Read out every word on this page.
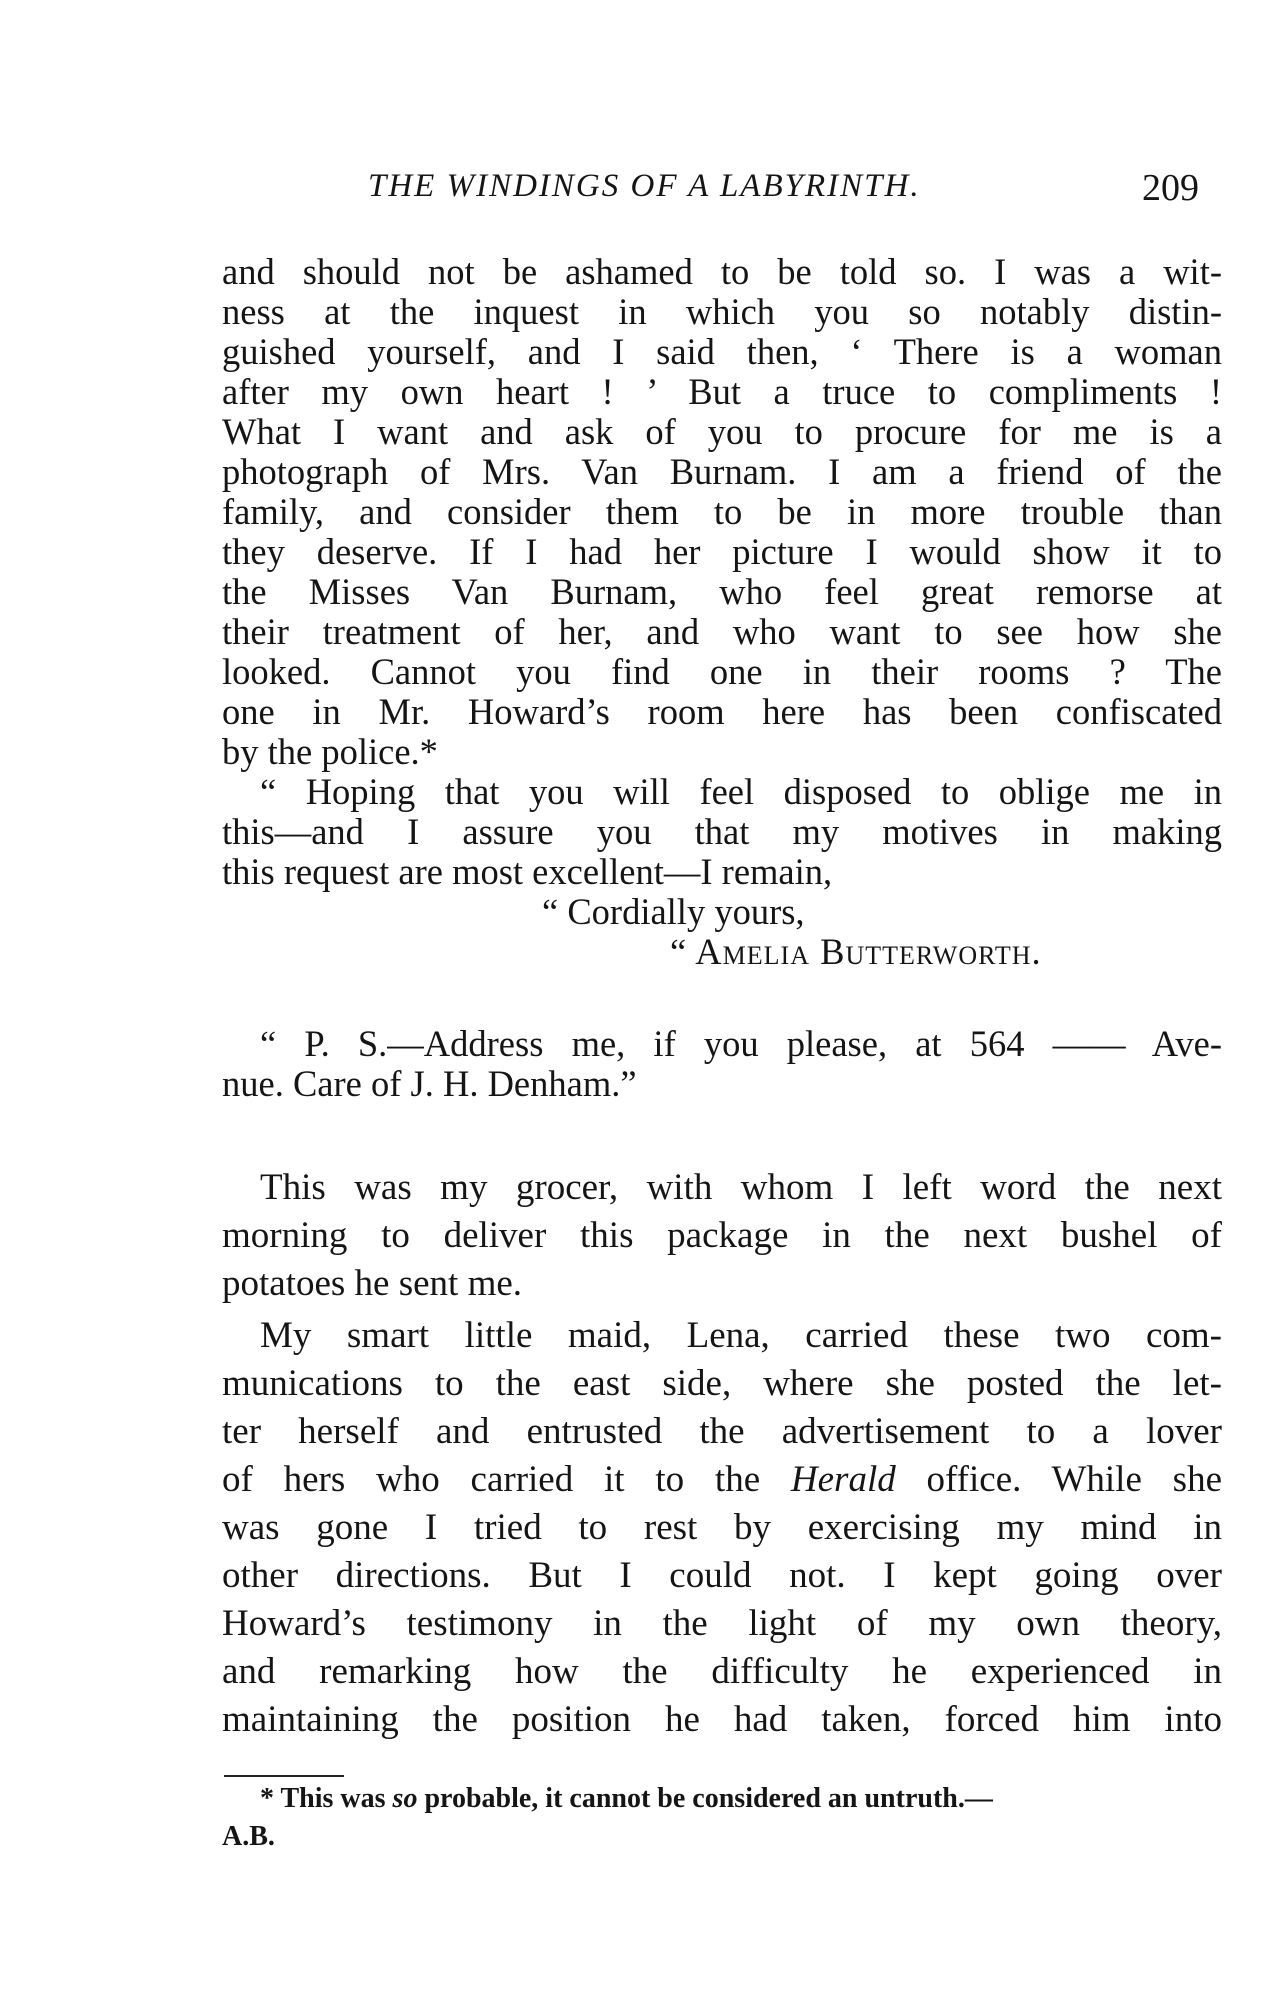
THE WINDINGS OF A LABYRINTH.	209
and should not be ashamed to be told so. I was a wit-
ness at the inquest in which you so notably distin-
guished yourself, and I said then, ‘ There is a woman
after my own heart ! ’ But a truce to compliments !
What I want and ask of you to procure for me is a
photograph of Mrs. Van Burnam. I am a friend of the
family, and consider them to be in more trouble than
they deserve. If I had her picture I would show it to
the Misses Van Burnam, who feel great remorse at
their treatment of her, and who want to see how she
looked. Cannot you find one in their rooms ? The
one in Mr. Howard’s room here has been confiscated
by the police.*
“ Hoping that you will feel disposed to oblige me in
this—and I assure you that my motives in making
this request are most excellent—I remain,
“ Cordially yours,
“ Amelia Butterworth.
“ P. S.—Address me, if you please, at 564 —— Ave-
nue. Care of J. H. Denham.”
This was my grocer, with whom I left word the next
morning to deliver this package in the next bushel of
potatoes he sent me.
My smart little maid, Lena, carried these two com-
munications to the east side, where she posted the let-
ter herself and entrusted the advertisement to a lover
of hers who carried it to the Herald office. While she
was gone I tried to rest by exercising my mind in
other directions. But I could not. I kept going over
Howard’s testimony in the light of my own theory,
and remarking how the difficulty he experienced in
maintaining the position he had taken, forced him into
* This was so probable, it cannot be considered an untruth.—
A.B.
